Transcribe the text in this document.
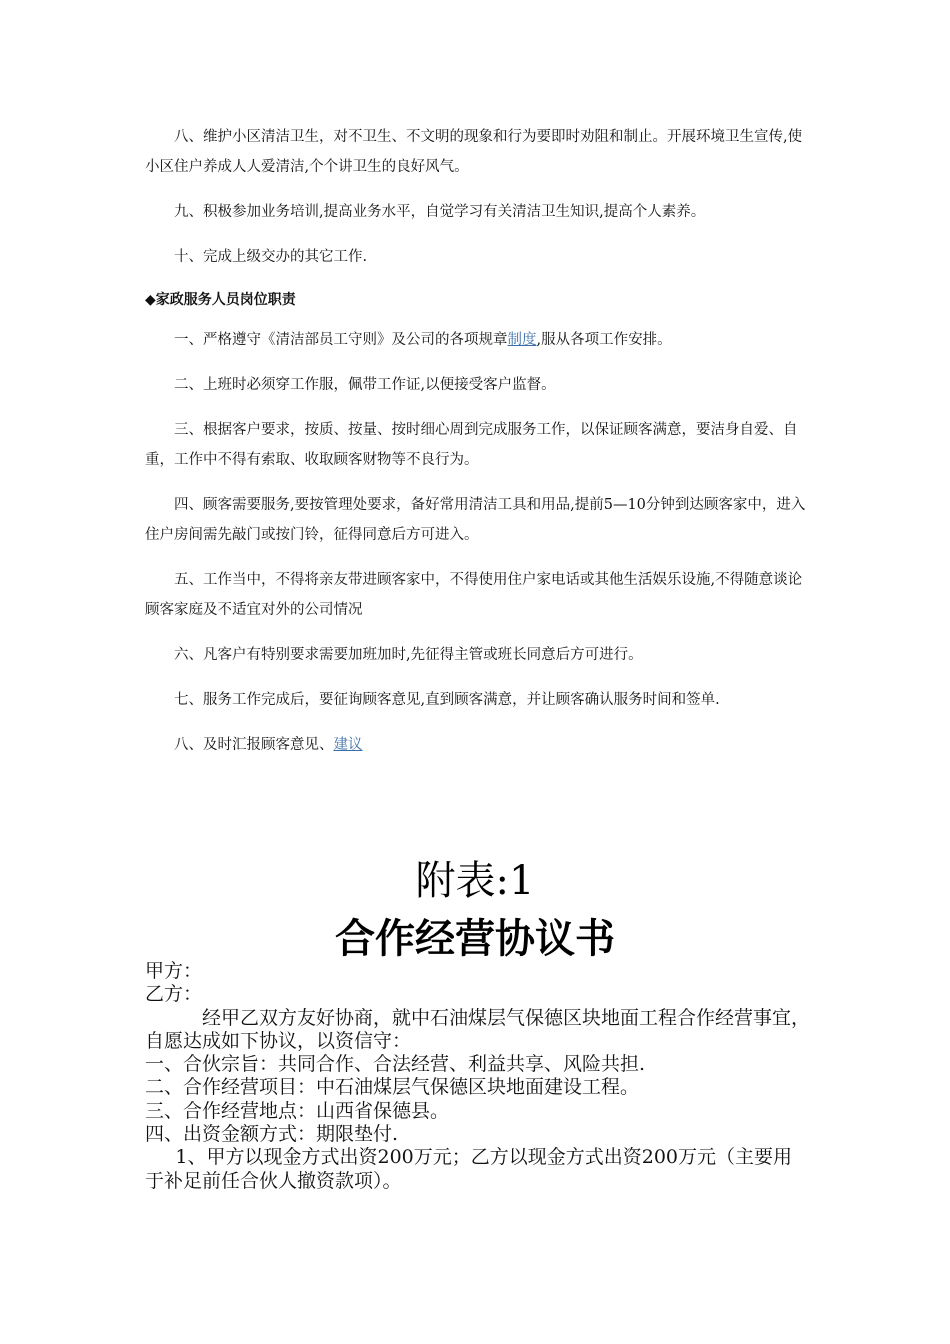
八、维护小区清洁卫生，对不卫生、不文明的现象和行为要即时劝阻和制止。开展环境卫生宣传,使小区住户养成人人爱清洁,个个讲卫生的良好风气。

九、积极参加业务培训,提高业务水平，自觉学习有关清洁卫生知识,提高个人素养。

十、完成上级交办的其它工作.

◆家政服务人员岗位职责

一、严格遵守《清洁部员工守则》及公司的各项规章制度,服从各项工作安排。

二、上班时必须穿工作服，佩带工作证,以便接受客户监督。

三、根据客户要求，按质、按量、按时细心周到完成服务工作，以保证顾客满意，要洁身自爱、自重，工作中不得有索取、收取顾客财物等不良行为。

四、顾客需要服务,要按管理处要求，备好常用清洁工具和用品,提前5—10分钟到达顾客家中，进入住户房间需先敲门或按门铃，征得同意后方可进入。

五、工作当中，不得将亲友带进顾客家中，不得使用住户家电话或其他生活娱乐设施,不得随意谈论顾客家庭及不适宜对外的公司情况

六、凡客户有特别要求需要加班加时,先征得主管或班长同意后方可进行。

七、服务工作完成后，要征询顾客意见,直到顾客满意，并让顾客确认服务时间和签单.

八、及时汇报顾客意见、建议

附表:1
合作经营协议书

甲方：

乙方：

经甲乙双方友好协商，就中石油煤层气保德区块地面工程合作经营事宜，自愿达成如下协议，以资信守：

一、合伙宗旨：共同合作、合法经营、利益共享、风险共担.

二、合作经营项目：中石油煤层气保德区块地面建设工程。

三、合作经营地点：山西省保德县。

四、出资金额方式：期限垫付.

1、甲方以现金方式出资200万元；乙方以现金方式出资200万元（主要用于补足前任合伙人撤资款项）。
